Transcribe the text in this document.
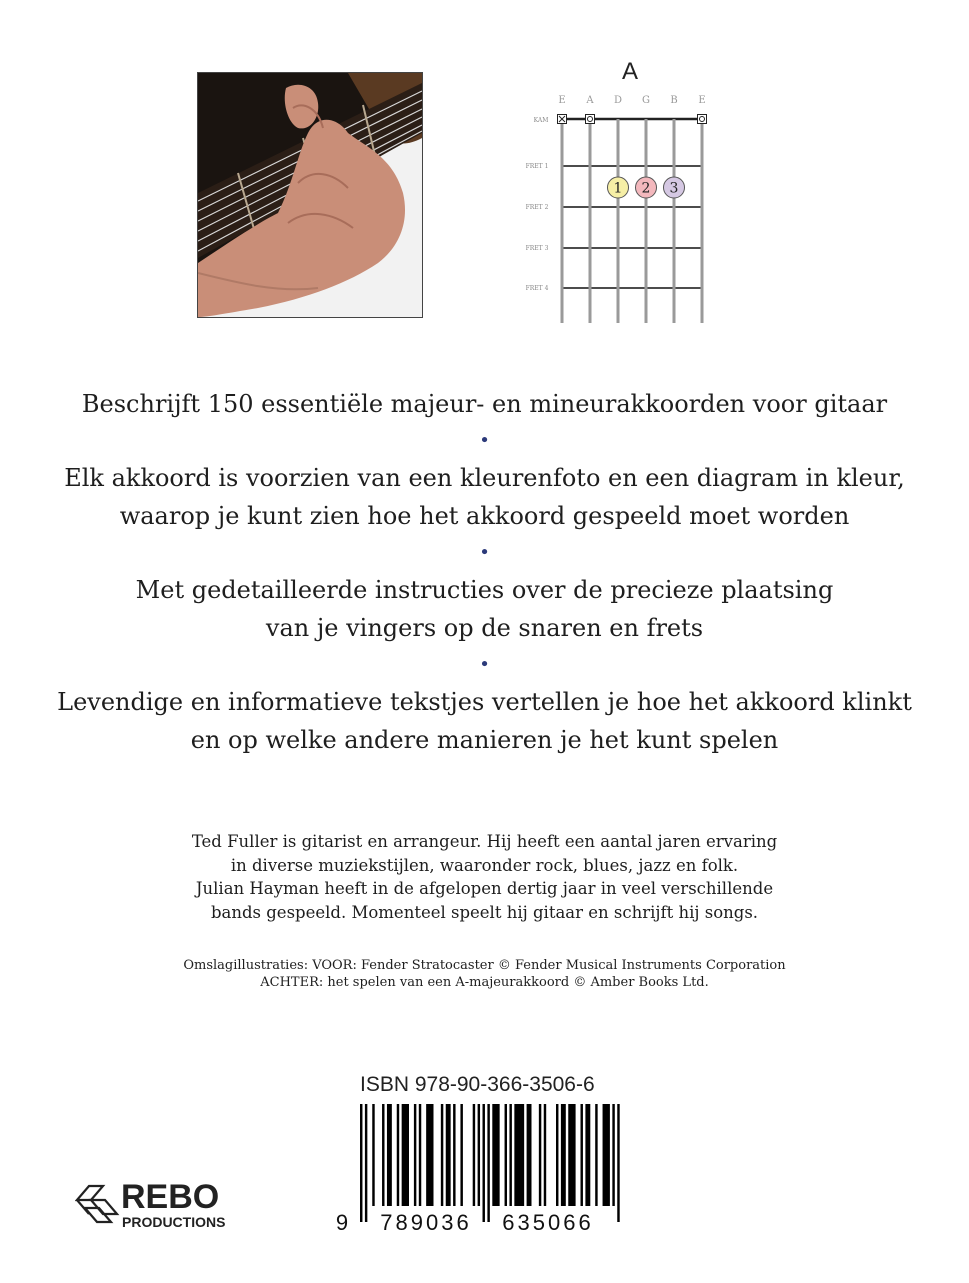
A
E A D G B E
KAM
FRET 1
FRET 2
FRET 3
FRET 4
1 2 3

Beschrijft 150 essentiële majeur- en mineurakkoorden voor gitaar

•

Elk akkoord is voorzien van een kleurenfoto en een diagram in kleur,

waarop je kunt zien hoe het akkoord gespeeld moet worden

•

Met gedetailleerde instructies over de precieze plaatsing

van je vingers op de snaren en frets

•

Levendige en informatieve tekstjes vertellen je hoe het akkoord klinkt

en op welke andere manieren je het kunt spelen

Ted Fuller is gitarist en arrangeur. Hij heeft een aantal jaren ervaring
in diverse muziekstijlen, waaronder rock, blues, jazz en folk.
Julian Hayman heeft in de afgelopen dertig jaar in veel verschillende
bands gespeeld. Momenteel speelt hij gitaar en schrijft hij songs.
Omslagillustraties: VOOR: Fender Stratocaster © Fender Musical Instruments Corporation
ACHTER: het spelen van een A-majeurakkoord © Amber Books Ltd.
ISBN 978-90-366-3506-6
9 789036 635066
REBO
PRODUCTIONS
